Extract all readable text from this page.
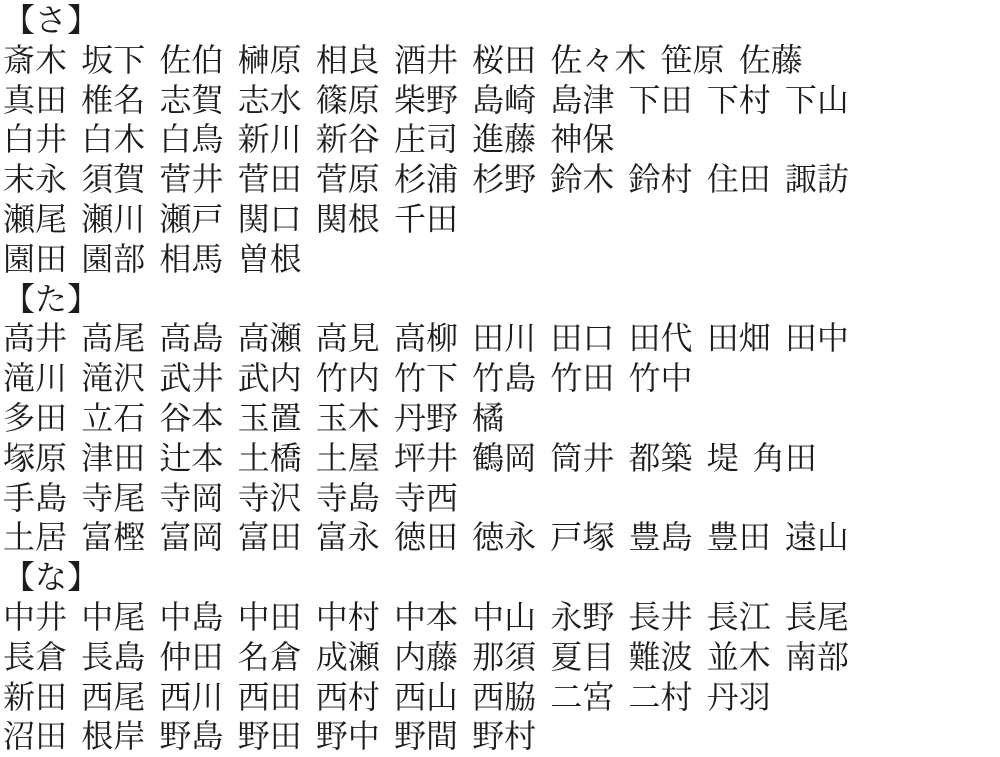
【さ】
斎木 坂下 佐伯 榊原 相良 酒井 桜田 佐々木 笹原 佐藤
真田 椎名 志賀 志水 篠原 柴野 島崎 島津 下田 下村 下山
白井 白木 白鳥 新川 新谷 庄司 進藤 神保
末永 須賀 菅井 菅田 菅原 杉浦 杉野 鈴木 鈴村 住田 諏訪
瀬尾 瀬川 瀬戸 関口 関根 千田
園田 園部 相馬 曽根
【た】
高井 高尾 高島 高瀬 高見 高柳 田川 田口 田代 田畑 田中
滝川 滝沢 武井 武内 竹内 竹下 竹島 竹田 竹中
多田 立石 谷本 玉置 玉木 丹野 橘
塚原 津田 辻本 土橋 土屋 坪井 鶴岡 筒井 都築 堤 角田
手島 寺尾 寺岡 寺沢 寺島 寺西
土居 富樫 富岡 富田 富永 徳田 徳永 戸塚 豊島 豊田 遠山
【な】
中井 中尾 中島 中田 中村 中本 中山 永野 長井 長江 長尾
長倉 長島 仲田 名倉 成瀬 内藤 那須 夏目 難波 並木 南部
新田 西尾 西川 西田 西村 西山 西脇 二宮 二村 丹羽
沼田 根岸 野島 野田 野中 野間 野村
